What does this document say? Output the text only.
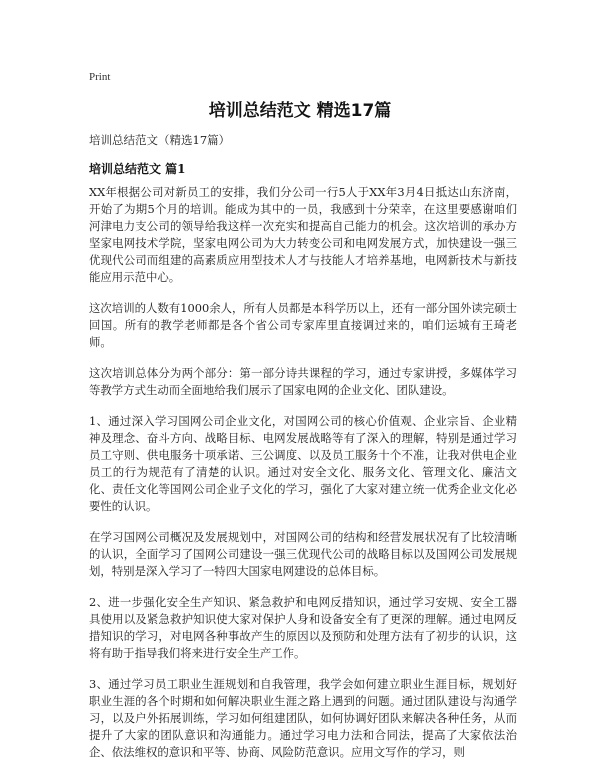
Print
培训总结范文 精选17篇
培训总结范文（精选17篇）
培训总结范文 篇1

XX年根据公司对新员工的安排，我们分公司一行5人于XX年3月4日抵达山东济南，开始了为期5个月的培训。能成为其中的一员，我感到十分荣幸，在这里要感谢咱们河津电力支公司的领导给我这样一次充实和提高自己能力的机会。这次培训的承办方坚家电网技术学院，坚家电网公司为大力转变公司和电网发展方式，加快建设一强三优现代公司而组建的高素质应用型技术人才与技能人才培养基地，电网新技术与新技能应用示范中心。

这次培训的人数有1000余人，所有人员都是本科学历以上，还有一部分国外读完硕士回国。所有的教学老师都是各个省公司专家库里直接调过来的，咱们运城有王琦老师。

这次培训总体分为两个部分：第一部分诗共课程的学习，通过专家讲授，多媒体学习等教学方式生动而全面地给我们展示了国家电网的企业文化、团队建设。

1、通过深入学习国网公司企业文化，对国网公司的核心价值观、企业宗旨、企业精神及理念、奋斗方向、战略目标、电网发展战略等有了深入的理解，特别是通过学习员工守则、供电服务十项承诺、三公调度、以及员工服务十个不准，让我对供电企业员工的行为规范有了清楚的认识。通过对安全文化、服务文化、管理文化、廉洁文化、责任文化等国网公司企业子文化的学习，强化了大家对建立统一优秀企业文化必要性的认识。

在学习国网公司概况及发展规划中，对国网公司的结构和经营发展状况有了比较清晰的认识，全面学习了国网公司建设一强三优现代公司的战略目标以及国网公司发展规划，特别是深入学习了一特四大国家电网建设的总体目标。

2、进一步强化安全生产知识、紧急救护和电网反措知识，通过学习安规、安全工器具使用以及紧急救护知识使大家对保护人身和设备安全有了更深的理解。通过电网反措知识的学习，对电网各种事故产生的原因以及预防和处理方法有了初步的认识，这将有助于指导我们将来进行安全生产工作。

3、通过学习员工职业生涯规划和自我管理，我学会如何建立职业生涯目标，规划好职业生涯的各个时期和如何解决职业生涯之路上遇到的问题。通过团队建设与沟通学习，以及户外拓展训练，学习如何组建团队，如何协调好团队来解决各种任务，从而提升了大家的团队意识和沟通能力。通过学习电力法和合同法，提高了大家依法治企、依法维权的意识和平等、协商、风险防范意识。应用文写作的学习，则
